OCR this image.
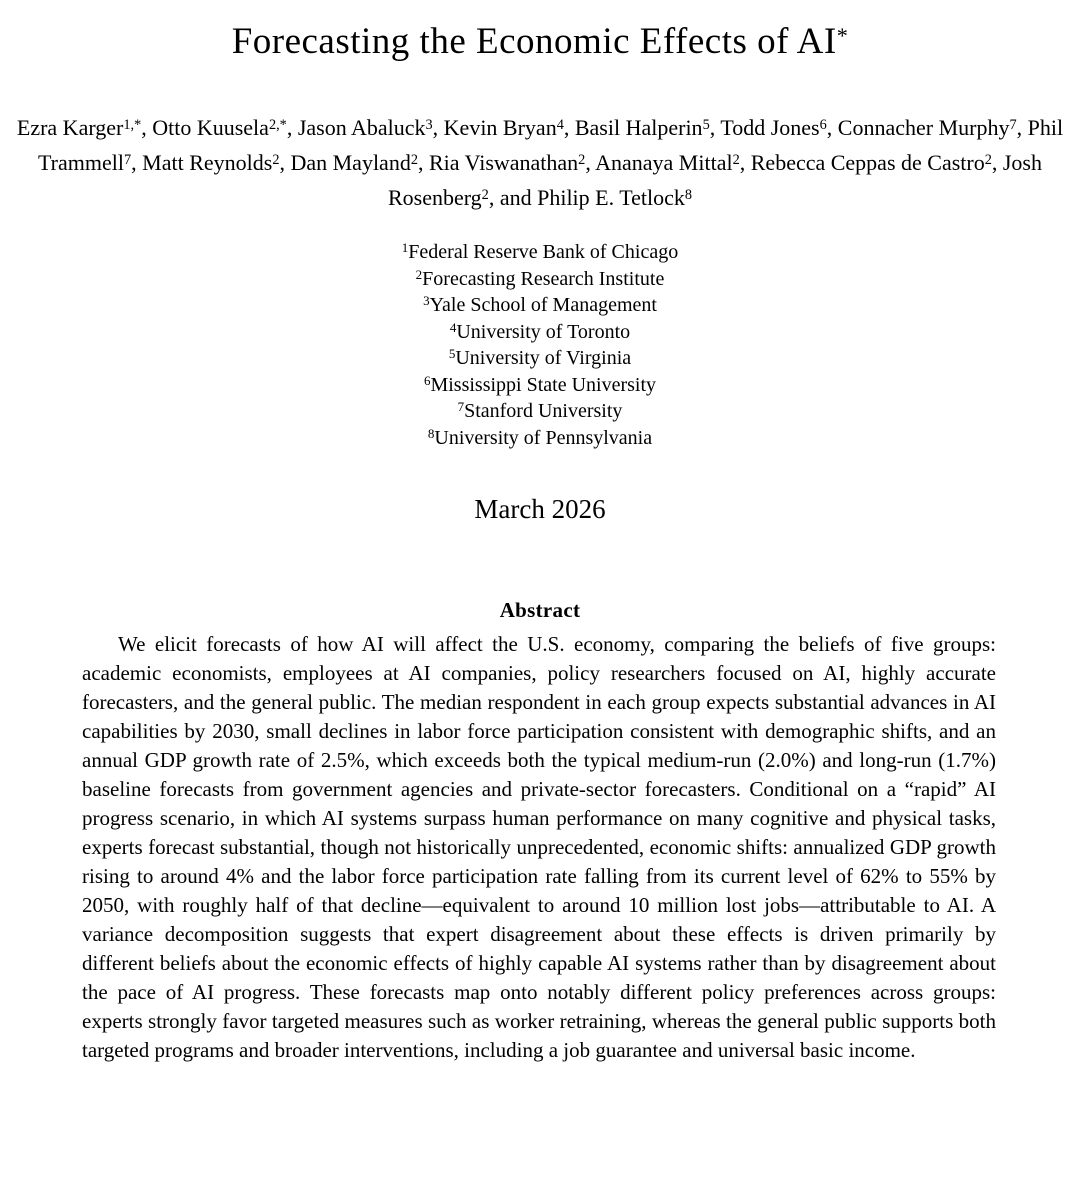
Forecasting the Economic Effects of AI*

Ezra Karger$^{1,*}$, Otto Kuusela$^{2,*}$, Jason Abaluck$^3$, Kevin Bryan$^4$, Basil Halperin$^5$, Todd Jones$^6$, Connacher Murphy$^7$, Phil Trammell$^7$, Matt Reynolds$^2$, Dan Mayland$^2$, Ria Viswanathan$^2$, Ananaya Mittal$^2$, Rebecca Ceppas de Castro$^2$, Josh Rosenberg$^2$, and Philip E. Tetlock$^8$

$^1$Federal Reserve Bank of Chicago
$^2$Forecasting Research Institute
$^3$Yale School of Management
$^4$University of Toronto
$^5$University of Virginia
$^6$Mississippi State University
$^7$Stanford University
$^8$University of Pennsylvania

March 2026

Abstract

We elicit forecasts of how AI will affect the U.S. economy, comparing the beliefs of five groups: academic economists, employees at AI companies, policy researchers focused on AI, highly accurate forecasters, and the general public. The median respondent in each group expects substantial advances in AI capabilities by 2030, small declines in labor force participation consistent with demographic shifts, and an annual GDP growth rate of 2.5%, which exceeds both the typical medium-run (2.0%) and long-run (1.7%) baseline forecasts from government agencies and private-sector forecasters. Conditional on a “rapid” AI progress scenario, in which AI systems surpass human performance on many cognitive and physical tasks, experts forecast substantial, though not historically unprecedented, economic shifts: annualized GDP growth rising to around 4% and the labor force participation rate falling from its current level of 62% to 55% by 2050, with roughly half of that decline—equivalent to around 10 million lost jobs—attributable to AI. A variance decomposition suggests that expert disagreement about these effects is driven primarily by different beliefs about the economic effects of highly capable AI systems rather than by disagreement about the pace of AI progress. These forecasts map onto notably different policy preferences across groups: experts strongly favor targeted measures such as worker retraining, whereas the general public supports both targeted programs and broader interventions, including a job guarantee and universal basic income.
